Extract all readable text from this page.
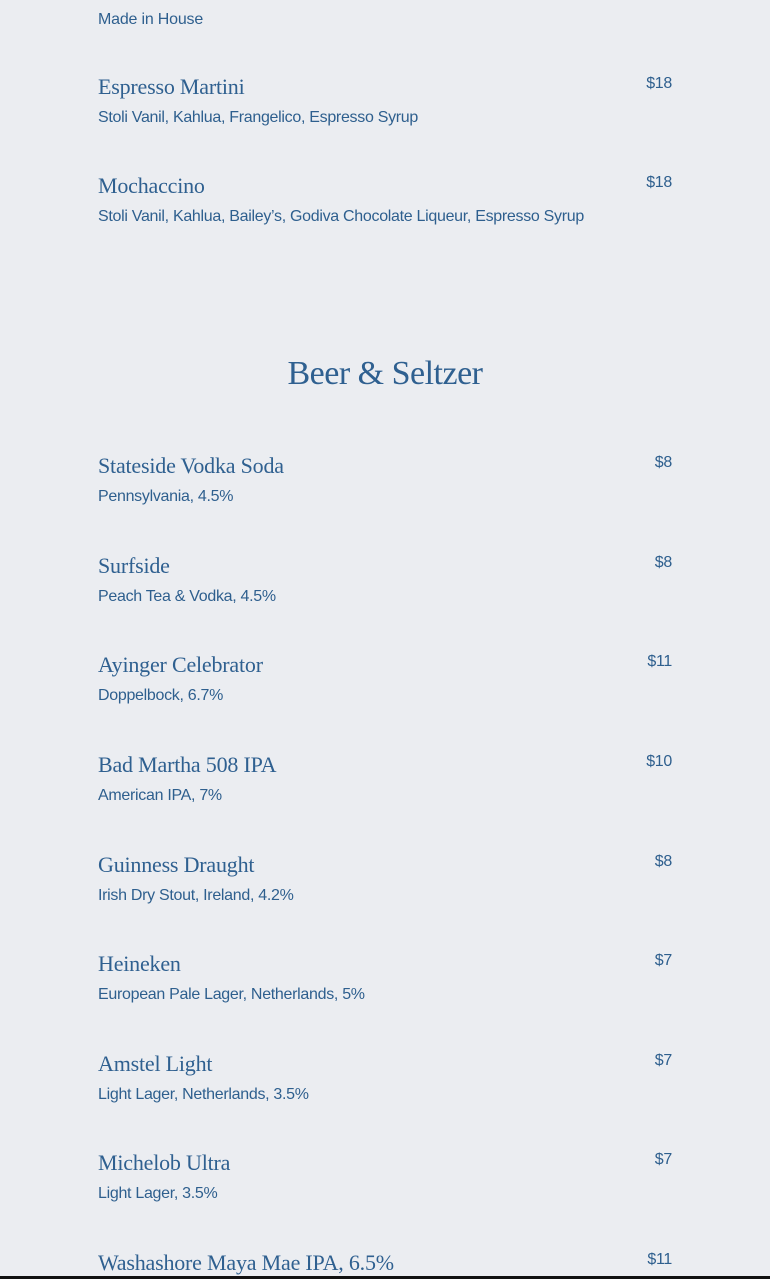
Made in House

Espresso Martini	$18
Stoli Vanil, Kahlua, Frangelico, Espresso Syrup
Mochaccino	$18
Stoli Vanil, Kahlua, Bailey’s, Godiva Chocolate Liqueur, Espresso Syrup
Beer & Seltzer
Stateside Vodka Soda	$8
Pennsylvania, 4.5%
Surfside	$8
Peach Tea & Vodka, 4.5%
Ayinger Celebrator	$11
Doppelbock, 6.7%
Bad Martha 508 IPA	$10
American IPA, 7%
Guinness Draught	$8
Irish Dry Stout, Ireland, 4.2%
Heineken	$7
European Pale Lager, Netherlands, 5%
Amstel Light	$7
Light Lager, Netherlands, 3.5%
Michelob Ultra	$7
Light Lager, 3.5%
Washashore Maya Mae IPA, 6.5%	$11
